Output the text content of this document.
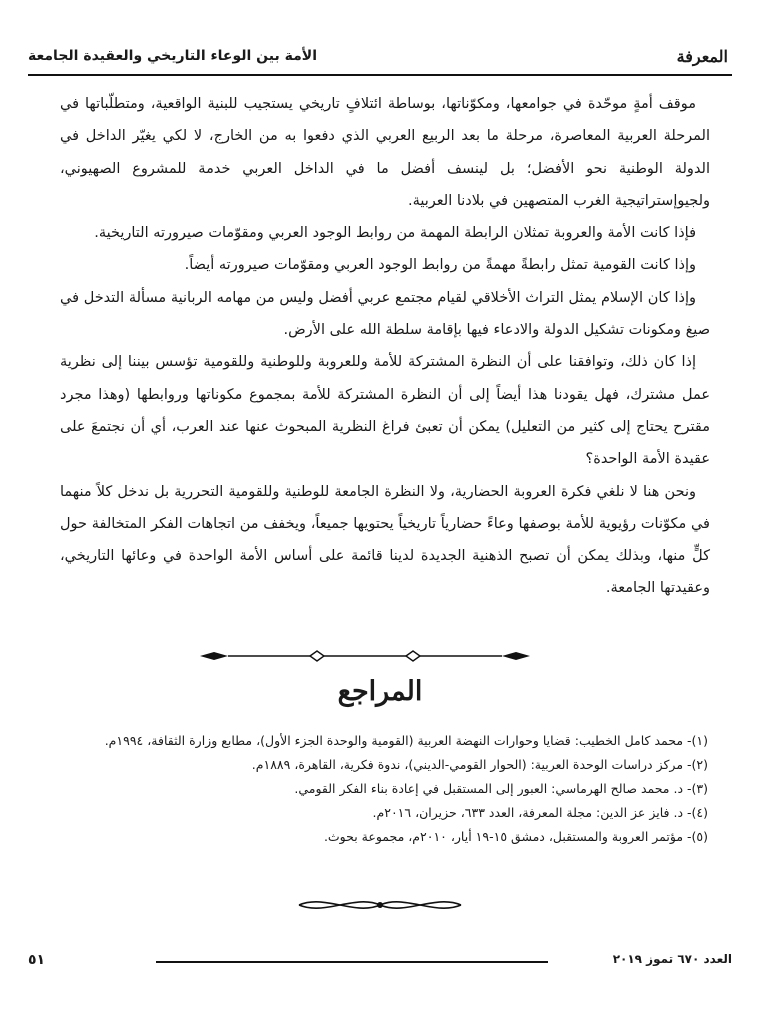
المعرفة
الأمة بين الوعاء التاريخي والعقيدة الجامعة

موقف أمةٍ موحّدة في جوامعها، ومكوّناتها، بوساطة ائتلافٍ تاريخي يستجيب للبنية الواقعية، ومتطلّباتها في المرحلة العربية المعاصرة، مرحلة ما بعد الربيع العربي الذي دفعوا به من الخارج، لا لكي يغيّر الداخل في الدولة الوطنية نحو الأفضل؛ بل لينسف أفضل ما في الداخل العربي خدمة للمشروع الصهيوني، ولجيوإستراتيجية الغرب المتصهين في بلادنا العربية.

فإذا كانت الأمة والعروبة تمثلان الرابطة المهمة من روابط الوجود العربي ومقوّمات صيرورته التاريخية.

وإذا كانت القومية تمثل رابطةً مهمةً من روابط الوجود العربي ومقوّمات صيرورته أيضاً.

وإذا كان الإسلام يمثل التراث الأخلاقي لقيام مجتمع عربي أفضل وليس من مهامه الربانية مسألة التدخل في صيغ ومكونات تشكيل الدولة والادعاء فيها بإقامة سلطة الله على الأرض.

إذا كان ذلك، وتوافقنا على أن النظرة المشتركة للأمة وللعروبة وللوطنية وللقومية تؤسس بيننا إلى نظرية عمل مشترك، فهل يقودنا هذا أيضاً إلى أن النظرة المشتركة للأمة بمجموع مكوناتها وروابطها (وهذا مجرد مقترح يحتاج إلى كثير من التعليل) يمكن أن تعبئ فراغ النظرية المبحوث عنها عند العرب، أي أن نجتمعَ على عقيدة الأمة الواحدة؟

ونحن هنا لا نلغي فكرة العروبة الحضارية، ولا النظرة الجامعة للوطنية وللقومية التحررية بل ندخل كلاً منهما في مكوّنات رؤيوية للأمة بوصفها وعاءً حضارياً تاريخياً يحتويها جميعاً، ويخفف من اتجاهات الفكر المتخالفة حول كلٍّ منها، وبذلك يمكن أن تصبح الذهنية الجديدة لدينا قائمة على أساس الأمة الواحدة في وعائها التاريخي، وعقيدتها الجامعة.

المراجع
(١)- محمد كامل الخطيب: قضايا وحوارات النهضة العربية (القومية والوحدة الجزء الأول)، مطابع وزارة الثقافة، ١٩٩٤م.
(٢)- مركز دراسات الوحدة العربية: (الحوار القومي-الديني)، ندوة فكرية، القاهرة، ١٨٨٩م.
(٣)- د. محمد صالح الهرماسي: العبور إلى المستقبل في إعادة بناء الفكر القومي.
(٤)- د. فايز عز الدين: مجلة المعرفة، العدد ٦٣٣، حزيران، ٢٠١٦م.
(٥)- مؤتمر العروبة والمستقبل، دمشق ١٥-١٩ أيار، ٢٠١٠م، مجموعة بحوث.
٥١	العدد ٦٧٠ تموز ٢٠١٩
